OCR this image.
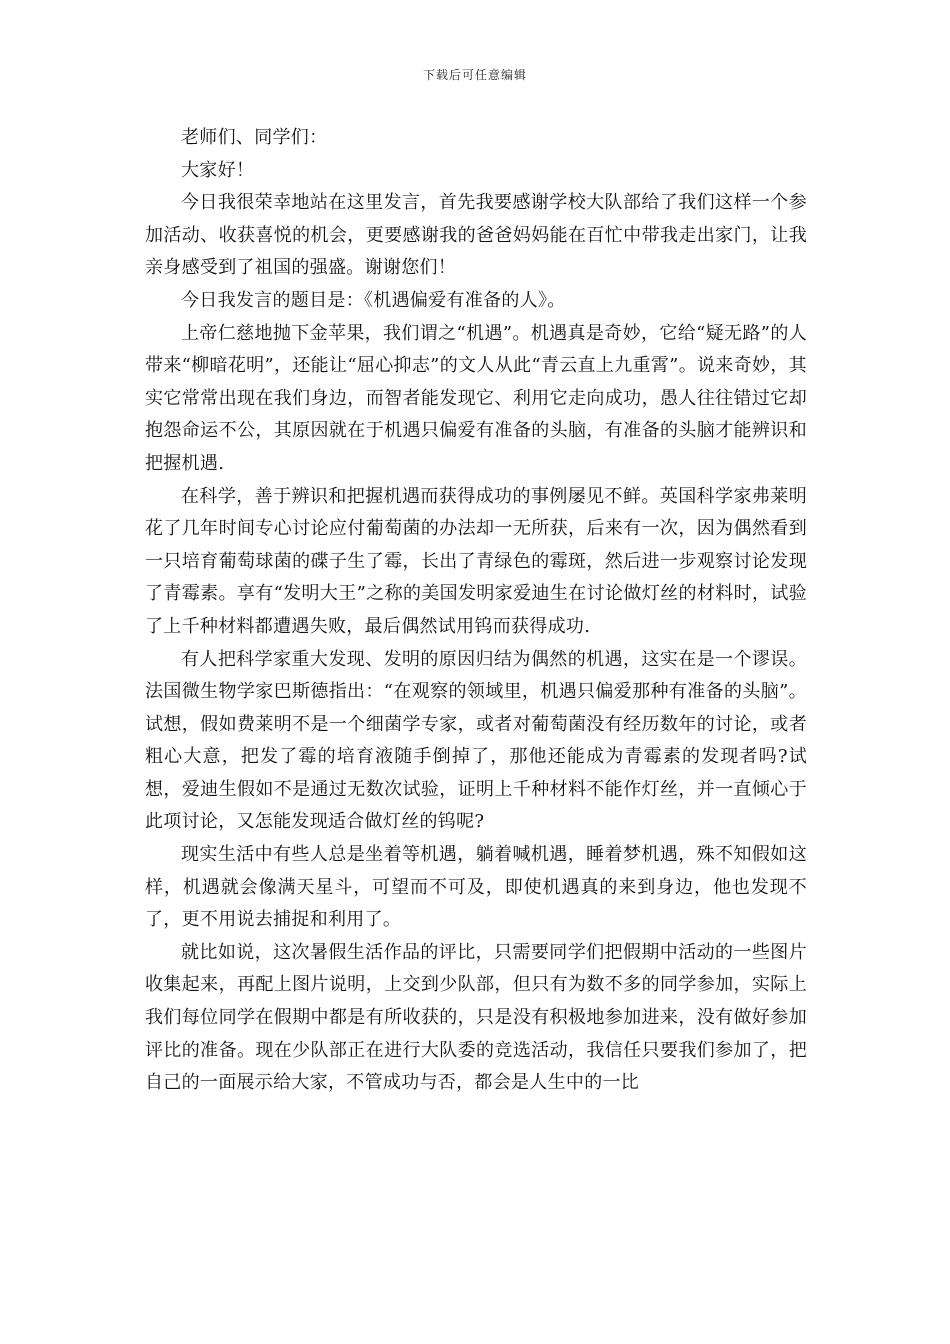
下载后可任意编辑

老师们、同学们：

大家好！

今日我很荣幸地站在这里发言，首先我要感谢学校大队部给了我们这样一个参加活动、收获喜悦的机会，更要感谢我的爸爸妈妈能在百忙中带我走出家门，让我亲身感受到了祖国的强盛。谢谢您们！

今日我发言的题目是：《机遇偏爱有准备的人》。

上帝仁慈地抛下金苹果，我们谓之“机遇”。机遇真是奇妙，它给“疑无路”的人带来“柳暗花明”，还能让“屈心抑志”的文人从此“青云直上九重霄”。说来奇妙，其实它常常出现在我们身边，而智者能发现它、利用它走向成功，愚人往往错过它却抱怨命运不公，其原因就在于机遇只偏爱有准备的头脑，有准备的头脑才能辨识和把握机遇.

在科学，善于辨识和把握机遇而获得成功的事例屡见不鲜。英国科学家弗莱明花了几年时间专心讨论应付葡萄菌的办法却一无所获，后来有一次，因为偶然看到一只培育葡萄球菌的碟子生了霉，长出了青绿色的霉斑，然后进一步观察讨论发现了青霉素。享有“发明大王”之称的美国发明家爱迪生在讨论做灯丝的材料时，试验了上千种材料都遭遇失败，最后偶然试用钨而获得成功.

有人把科学家重大发现、发明的原因归结为偶然的机遇，这实在是一个谬误。法国微生物学家巴斯德指出：“在观察的领域里，机遇只偏爱那种有准备的头脑”。试想，假如费莱明不是一个细菌学专家，或者对葡萄菌没有经历数年的讨论，或者粗心大意，把发了霉的培育液随手倒掉了，那他还能成为青霉素的发现者吗?试想，爱迪生假如不是通过无数次试验，证明上千种材料不能作灯丝，并一直倾心于此项讨论，又怎能发现适合做灯丝的钨呢?

现实生活中有些人总是坐着等机遇，躺着喊机遇，睡着梦机遇，殊不知假如这样，机遇就会像满天星斗，可望而不可及，即使机遇真的来到身边，他也发现不了，更不用说去捕捉和利用了。

就比如说，这次暑假生活作品的评比，只需要同学们把假期中活动的一些图片收集起来，再配上图片说明，上交到少队部，但只有为数不多的同学参加，实际上我们每位同学在假期中都是有所收获的，只是没有积极地参加进来，没有做好参加评比的准备。现在少队部正在进行大队委的竞选活动，我信任只要我们参加了，把自己的一面展示给大家，不管成功与否，都会是人生中的一比
